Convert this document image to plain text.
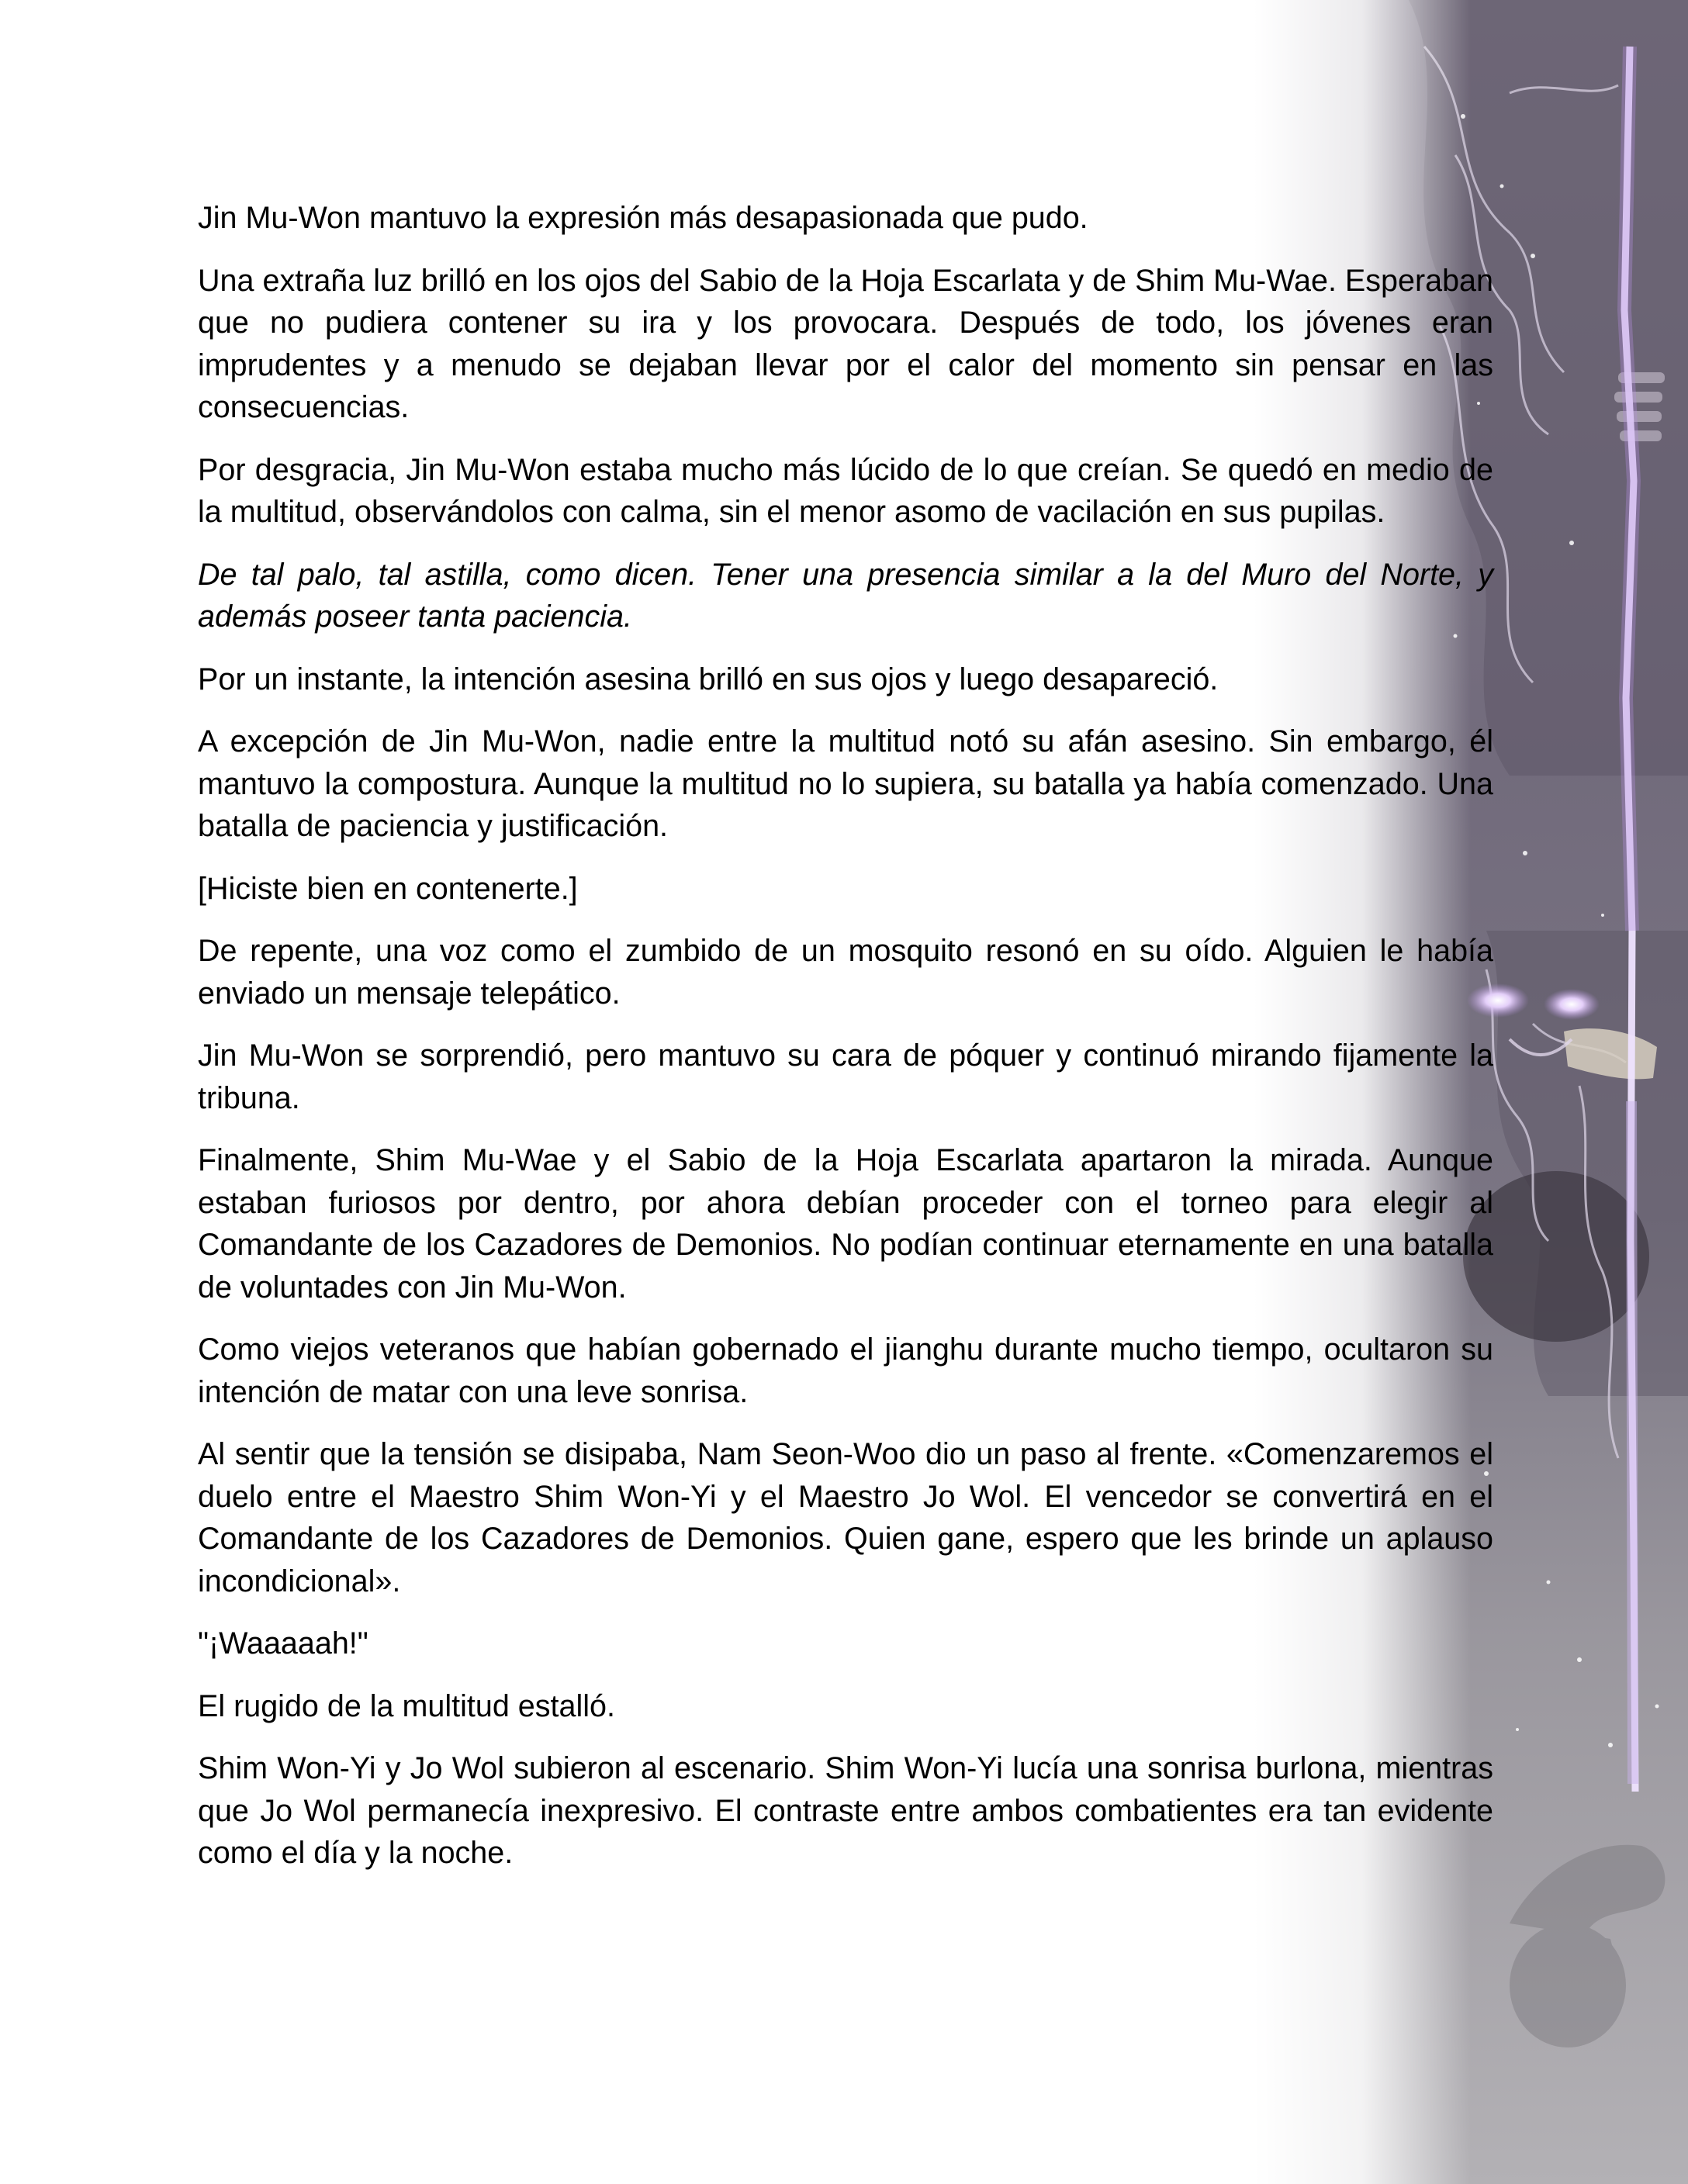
Jin Mu-Won mantuvo la expresión más desapasionada que pudo.

Una extraña luz brilló en los ojos del Sabio de la Hoja Escarlata y de Shim Mu-Wae. Esperaban que no pudiera contener su ira y los provocara. Después de todo, los jóvenes eran imprudentes y a menudo se dejaban llevar por el calor del momento sin pensar en las consecuencias.

Por desgracia, Jin Mu-Won estaba mucho más lúcido de lo que creían. Se quedó en medio de la multitud, observándolos con calma, sin el menor asomo de vacilación en sus pupilas.

De tal palo, tal astilla, como dicen. Tener una presencia similar a la del Muro del Norte, y además poseer tanta paciencia.

Por un instante, la intención asesina brilló en sus ojos y luego desapareció.

A excepción de Jin Mu-Won, nadie entre la multitud notó su afán asesino. Sin embargo, él mantuvo la compostura. Aunque la multitud no lo supiera, su batalla ya había comenzado. Una batalla de paciencia y justificación.

[Hiciste bien en contenerte.]

De repente, una voz como el zumbido de un mosquito resonó en su oído. Alguien le había enviado un mensaje telepático.

Jin Mu-Won se sorprendió, pero mantuvo su cara de póquer y continuó mirando fijamente la tribuna.

Finalmente, Shim Mu-Wae y el Sabio de la Hoja Escarlata apartaron la mirada. Aunque estaban furiosos por dentro, por ahora debían proceder con el torneo para elegir al Comandante de los Cazadores de Demonios. No podían continuar eternamente en una batalla de voluntades con Jin Mu-Won.

Como viejos veteranos que habían gobernado el jianghu durante mucho tiempo, ocultaron su intención de matar con una leve sonrisa.

Al sentir que la tensión se disipaba, Nam Seon-Woo dio un paso al frente. «Comenzaremos el duelo entre el Maestro Shim Won-Yi y el Maestro Jo Wol. El vencedor se convertirá en el Comandante de los Cazadores de Demonios. Quien gane, espero que les brinde un aplauso incondicional».

"¡Waaaaah!"

El rugido de la multitud estalló.

Shim Won-Yi y Jo Wol subieron al escenario. Shim Won-Yi lucía una sonrisa burlona, mientras que Jo Wol permanecía inexpresivo. El contraste entre ambos combatientes era tan evidente como el día y la noche.
